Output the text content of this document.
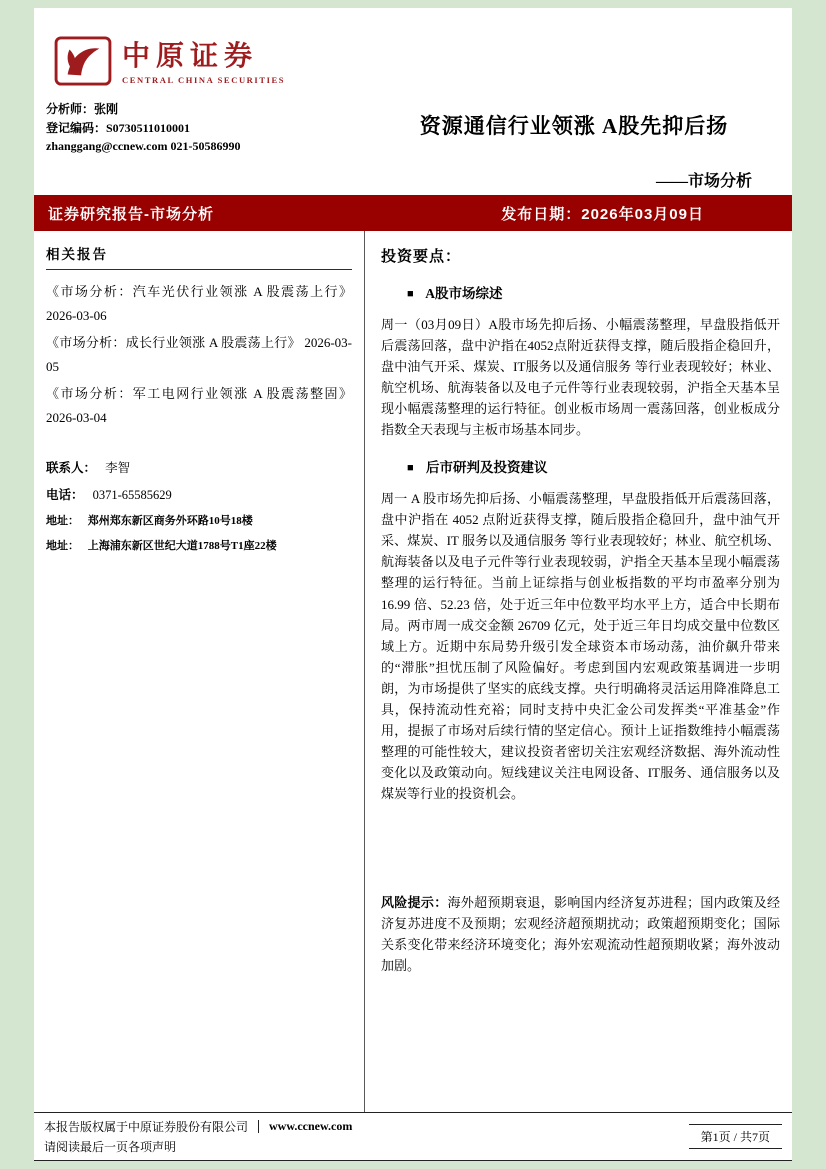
中原证券
CENTRAL CHINA SECURITIES
分析师：张刚
登记编码：S0730511010001
zhanggang@ccnew.com 021-50586990
资源通信行业领涨 A股先抑后扬
——市场分析
证券研究报告-市场分析	发布日期：2026年03月09日
相关报告
《市场分析：汽车光伏行业领涨 A 股震荡上行》 2026-03-06
《市场分析：成长行业领涨 A 股震荡上行》 2026-03-05
《市场分析：军工电网行业领涨 A 股震荡整固》 2026-03-04
联系人： 李智
电话： 0371-65585629
地址： 郑州郑东新区商务外环路10号18楼
地址： 上海浦东新区世纪大道1788号T1座22楼
投资要点：
■ A股市场综述
周一（03月09日）A股市场先抑后扬、小幅震荡整理，早盘股指低开后震荡回落，盘中沪指在4052点附近获得支撑，随后股指企稳回升，盘中油气开采、煤炭、IT服务以及通信服务 等行业表现较好；林业、航空机场、航海装备以及电子元件等行业表现较弱，沪指全天基本呈现小幅震荡整理的运行特征。创业板市场周一震荡回落，创业板成分指数全天表现与主板市场基本同步。
■ 后市研判及投资建议
周一 A 股市场先抑后扬、小幅震荡整理，早盘股指低开后震荡回落，盘中沪指在 4052 点附近获得支撑，随后股指企稳回升，盘中油气开采、煤炭、IT 服务以及通信服务 等行业表现较好；林业、航空机场、航海装备以及电子元件等行业表现较弱，沪指全天基本呈现小幅震荡整理的运行特征。当前上证综指与创业板指数的平均市盈率分别为 16.99 倍、52.23 倍，处于近三年中位数平均水平上方，适合中长期布局。两市周一成交金额 26709 亿元，处于近三年日均成交量中位数区域上方。近期中东局势升级引发全球资本市场动荡，油价飙升带来的“滞胀”担忧压制了风险偏好。考虑到国内宏观政策基调进一步明朗，为市场提供了坚实的底线支撑。央行明确将灵活运用降准降息工具，保持流动性充裕；同时支持中央汇金公司发挥类“平准基金”作用，提振了市场对后续行情的坚定信心。预计上证指数维持小幅震荡整理的可能性较大，建议投资者密切关注宏观经济数据、海外流动性变化以及政策动向。短线建议关注电网设备、IT服务、通信服务以及煤炭等行业的投资机会。
风险提示：海外超预期衰退，影响国内经济复苏进程；国内政策及经济复苏进度不及预期；宏观经济超预期扰动；政策超预期变化；国际关系变化带来经济环境变化；海外宏观流动性超预期收紧；海外波动加剧。
本报告版权属于中原证券股份有限公司 www.ccnew.com
请阅读最后一页各项声明
第1页 / 共7页
